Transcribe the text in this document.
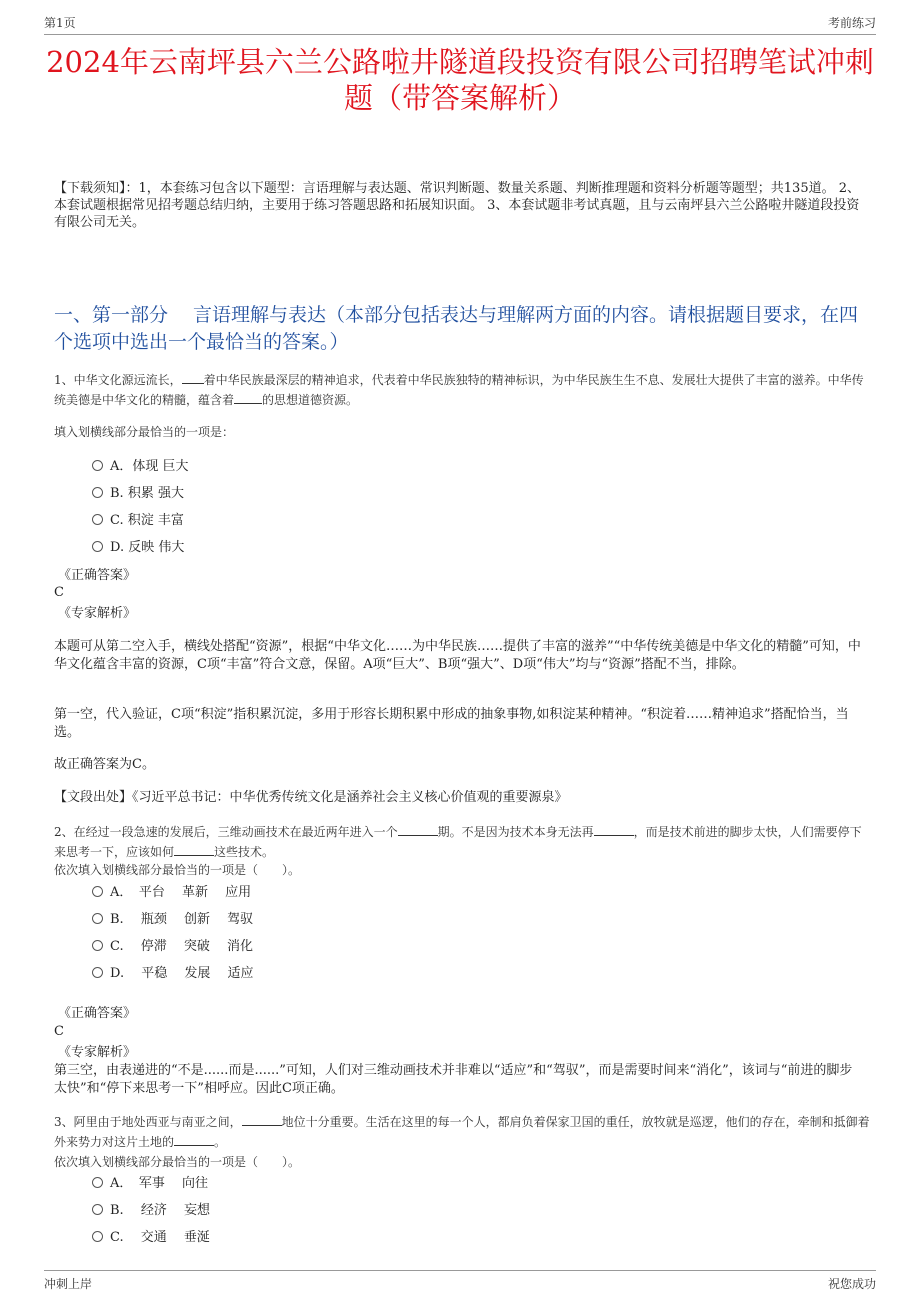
第1页	考前练习
2024年云南坪县六兰公路啦井隧道段投资有限公司招聘笔试冲刺题（带答案解析）
【下载须知】：1，本套练习包含以下题型：言语理解与表达题、常识判断题、数量关系题、判断推理题和资料分析题等题型；共135道。 2、本套试题根据常见招考题总结归纳，主要用于练习答题思路和拓展知识面。 3、本套试题非考试真题，且与云南坪县六兰公路啦井隧道段投资有限公司无关。
一、第一部分　 言语理解与表达（本部分包括表达与理解两方面的内容。请根据题目要求，在四个选项中选出一个最恰当的答案。）
1、中华文化源远流长， 着中华民族最深层的精神追求，代表着中华民族独特的精神标识，为中华民族生生不息、发展壮大提供了丰富的滋养。中华传统美德是中华文化的精髓，蕴含着 的思想道德资源。
填入划横线部分最恰当的一项是：
A．体现 巨大
B. 积累 强大
C. 积淀 丰富
D. 反映 伟大
《正确答案》
C
《专家解析》
本题可从第二空入手，横线处搭配“资源”，根据“中华文化……为中华民族……提供了丰富的滋养”“中华传统美德是中华文化的精髓”可知，中华文化蕴含丰富的资源，C项“丰富”符合文意，保留。A项“巨大”、B项“强大”、D项“伟大”均与“资源”搭配不当，排除。
第一空，代入验证，C项“积淀”指积累沉淀，多用于形容长期积累中形成的抽象事物,如积淀某种精神。“积淀着……精神追求”搭配恰当，当选。
故正确答案为C。
【文段出处】《习近平总书记：中华优秀传统文化是涵养社会主义核心价值观的重要源泉》
2、在经过一段急速的发展后，三维动画技术在最近两年进入一个	期。不是因为技术本身无法再	，而是技术前进的脚步太快，人们需要停下来思考一下，应该如何	这些技术。
依次填入划横线部分最恰当的一项是（　　）。
A．　平台　 革新　 应用
B.　 瓶颈　 创新　 驾驭
C.　 停滞　 突破　 消化
D.　 平稳　 发展　 适应
《正确答案》
C
《专家解析》
第三空，由表递进的“不是......而是......”可知，人们对三维动画技术并非难以“适应”和“驾驭”，而是需要时间来“消化”，该词与“前进的脚步太快”和“停下来思考一下”相呼应。因此C项正确。
3、阿里由于地处西亚与南亚之间，	地位十分重要。生活在这里的每一个人，都肩负着保家卫国的重任，放牧就是巡逻，他们的存在，牵制和抵御着外来势力对这片土地的	。
依次填入划横线部分最恰当的一项是（　　）。
A．　军事　 向往
B.　 经济　 妄想
C.　 交通　 垂涎
冲刺上岸	祝您成功
